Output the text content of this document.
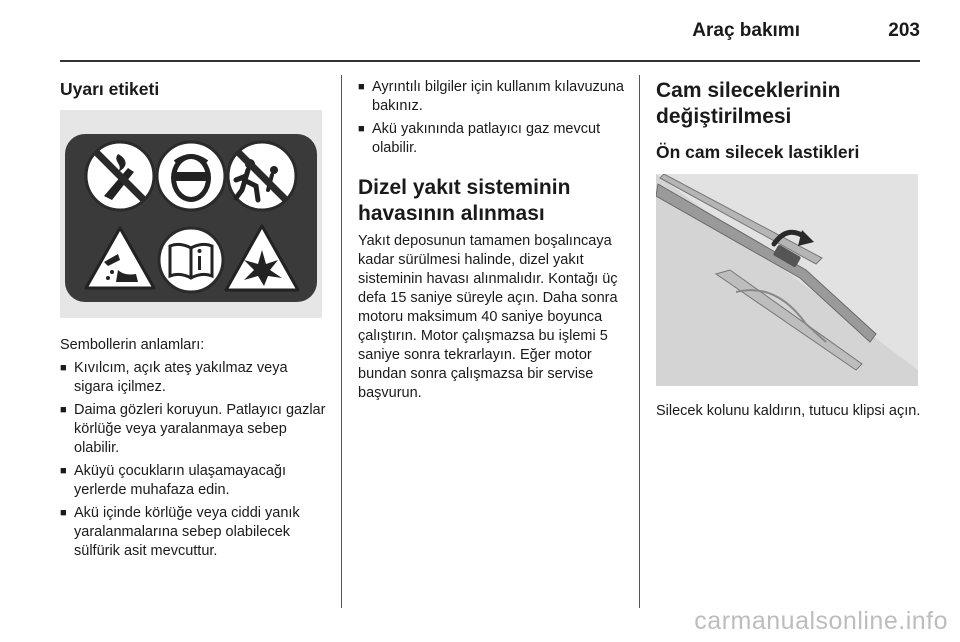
Araç bakımı	203
Uyarı etiketi

Sembollerin anlamları:

■ Kıvılcım, açık ateş yakılmaz veya sigara içilmez.
■ Daima gözleri koruyun. Patlayıcı gazlar körlüğe veya yaralanmaya sebep olabilir.
■ Aküyü çocukların ulaşamayacağı yerlerde muhafaza edin.
■ Akü içinde körlüğe veya ciddi yanık yaralanmalarına sebep olabilecek sülfürik asit mevcuttur.
■ Ayrıntılı bilgiler için kullanım kılavuzuna bakınız.
■ Akü yakınında patlayıcı gaz mevcut olabilir.
Dizel yakıt sisteminin havasının alınması

Yakıt deposunun tamamen boşalıncaya kadar sürülmesi halinde, dizel yakıt sisteminin havası alınmalıdır. Kontağı üç defa 15 saniye süreyle açın. Daha sonra motoru maksimum 40 saniye boyunca çalıştırın. Motor çalışmazsa bu işlemi 5 saniye sonra tekrarlayın. Eğer motor bundan sonra çalışmazsa bir servise başvurun.

Cam sileceklerinin değiştirilmesi
Ön cam silecek lastikleri

Silecek kolunu kaldırın, tutucu klipsi açın.

carmanualsonline.info
